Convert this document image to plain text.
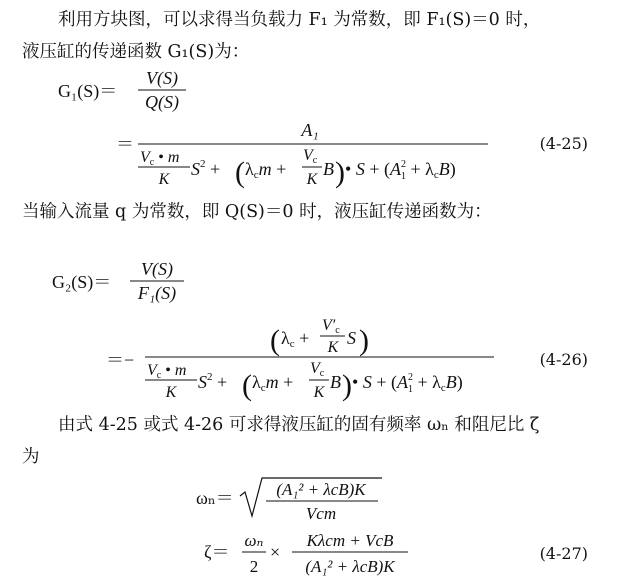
利用方块图，可以求得当负载力 F₁ 为常数，即 F₁(S)＝0 时，
液压缸的传递函数 G₁(S)为：
当输入流量 q 为常数，即 Q(S)＝0 时，液压缸传递函数为：
由式 4-25 或式 4-26 可求得液压缸的固有频率 ωₙ 和阻尼比 ζ
为
(4-25)
(4-26)
(4-27)
G₁(S)＝
V(S)
Q(S)
＝
A₁
Vc • m
K
$S^2$ + ( λcm +
Vc
K
B ) • $S + (A^2$ 1 + λcB)
G₂(S)＝
V(S)
F₁(S)
＝−
( λc +
V′c
K S )
Vc • m
K
$S^2$ + ( λcm +
Vc
K
B ) • $S + (A^2$ 1 + λcB)
ωₙ＝	(A₁² + λcB)K
Vcm
ζ＝
ωₙ
2
×
Kλcm + VcB
(A₁² + λcB)K
